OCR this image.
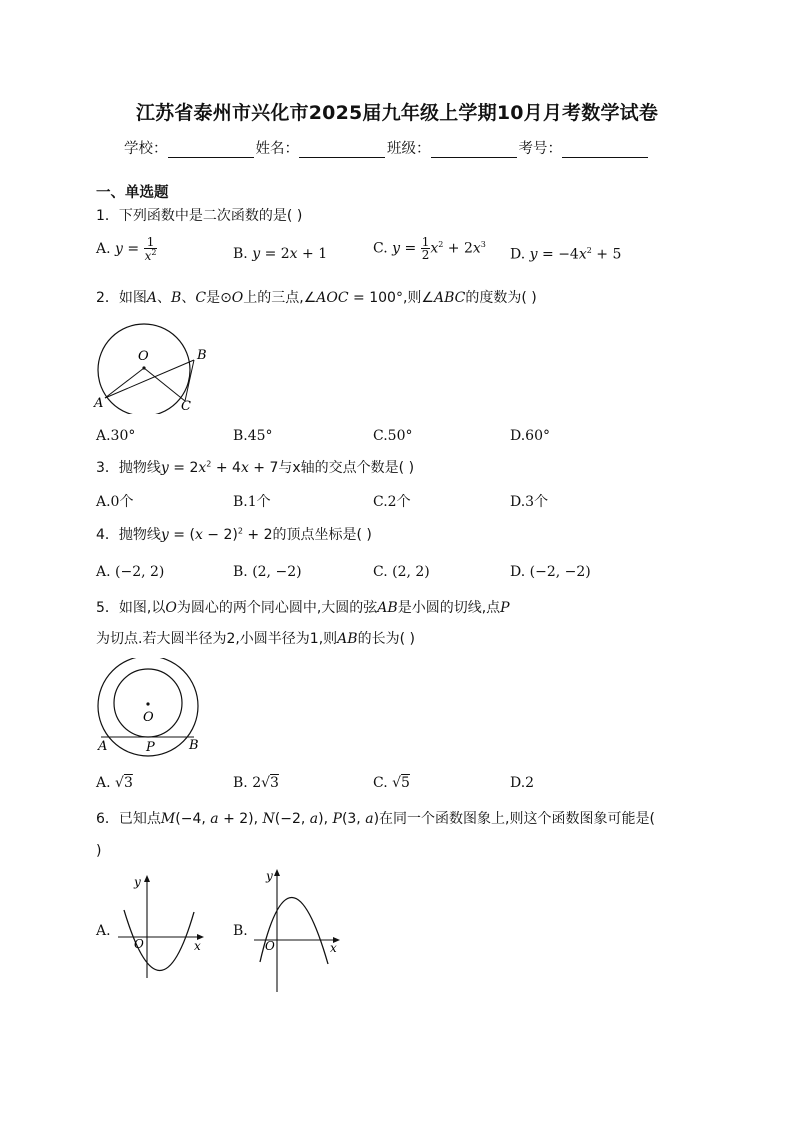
江苏省泰州市兴化市2025届九年级上学期10月月考数学试卷
学校：	姓名：	班级：	考号：
一、单选题
1．下列函数中是二次函数的是( )
A. $y = \frac{1}{x^2}$	B. y = 2x + 1	C. $y = \frac{1}{2} x^2 + 2x^3$
D. $y = -4x^2 + 5$
2．如图A、B、C是⊙O上的三点,∠AOC = 100°,则∠ABC的度数为( )
O
A
B
C
A.30°	B.45°	C.50°	D.60°
3．抛物线$y = 2x^2 + 4x + 7$与x轴的交点个数是( )
A.0个	B.1个	C.2个	D.3个
4．抛物线$y = (x - 2)^2 + 2$的顶点坐标是( )
A. (−2, 2)	B. (2, −2)	C. (2, 2)	D. (−2, −2)
5．如图,以O为圆心的两个同心圆中,大圆的弦AB是小圆的切线,点P
为切点.若大圆半径为2,小圆半径为1,则AB的长为( )
O
A	P	B
A. √3	B. 2√3	C. √5	D.2
6．已知点M(−4, a + 2), N(−2, a), P(3, a)在同一个函数图象上,则这个函数图象可能是(
)
A.
y
x
O
B.
y
x
O
